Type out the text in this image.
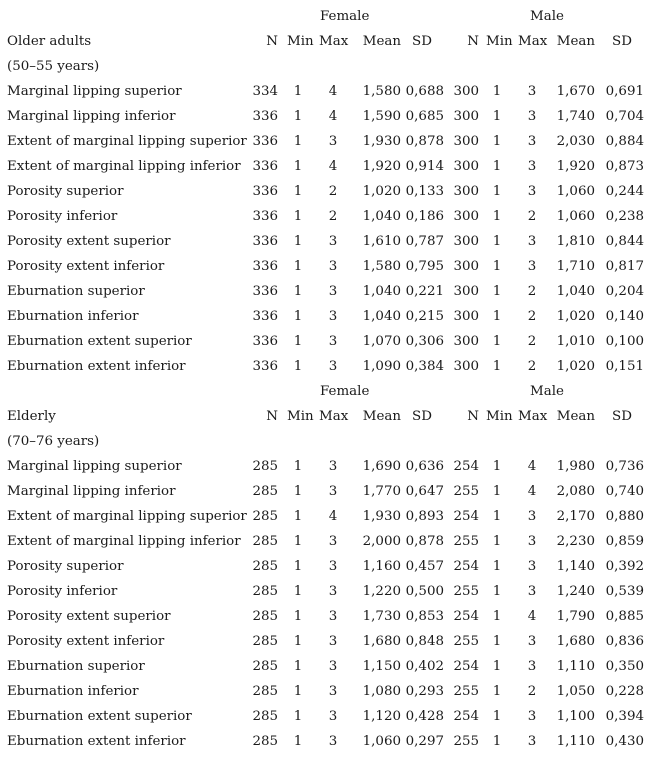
Female	Male
Older adults	N Min Max Mean SD	N Min Max Mean SD
(50–55 years)
Marginal lipping superior	334	1	4	1,580 0,688 300	1	3	1,670 0,691
Marginal lipping inferior	336	1	4	1,590 0,685 300	1	3	1,740 0,704
Extent of marginal lipping superior 336	1	3	1,930 0,878 300	1	3	2,030 0,884
Extent of marginal lipping inferior 336	1	4	1,920 0,914 300	1	3	1,920 0,873
Porosity superior	336	1	2	1,020 0,133 300	1	3	1,060 0,244
Porosity inferior	336	1	2	1,040 0,186 300	1	2	1,060 0,238
Porosity extent superior	336	1	3	1,610 0,787 300	1	3	1,810 0,844
Porosity extent inferior	336	1	3	1,580 0,795 300	1	3	1,710 0,817
Eburnation superior	336	1	3	1,040 0,221 300	1	2	1,040 0,204
Eburnation inferior	336	1	3	1,040 0,215 300	1	2	1,020 0,140
Eburnation extent superior	336	1	3	1,070 0,306 300	1	2	1,010 0,100
Eburnation extent inferior	336	1	3	1,090 0,384 300	1	2	1,020 0,151
Female	Male
Elderly	N Min Max Mean SD	N Min Max Mean SD
(70–76 years)
Marginal lipping superior	285	1	3	1,690 0,636 254	1	4	1,980 0,736
Marginal lipping inferior	285	1	3	1,770 0,647 255	1	4	2,080 0,740
Extent of marginal lipping superior 285	1	4	1,930 0,893 254	1	3	2,170 0,880
Extent of marginal lipping inferior 285	1	3	2,000 0,878 255	1	3	2,230 0,859
Porosity superior	285	1	3	1,160 0,457 254	1	3	1,140 0,392
Porosity inferior	285	1	3	1,220 0,500 255	1	3	1,240 0,539
Porosity extent superior	285	1	3	1,730 0,853 254	1	4	1,790 0,885
Porosity extent inferior	285	1	3	1,680 0,848 255	1	3	1,680 0,836
Eburnation superior	285	1	3	1,150 0,402 254	1	3	1,110 0,350
Eburnation inferior	285	1	3	1,080 0,293 255	1	2	1,050 0,228
Eburnation extent superior	285	1	3	1,120 0,428 254	1	3	1,100 0,394
Eburnation extent inferior	285	1	3	1,060 0,297 255	1	3	1,110 0,430
